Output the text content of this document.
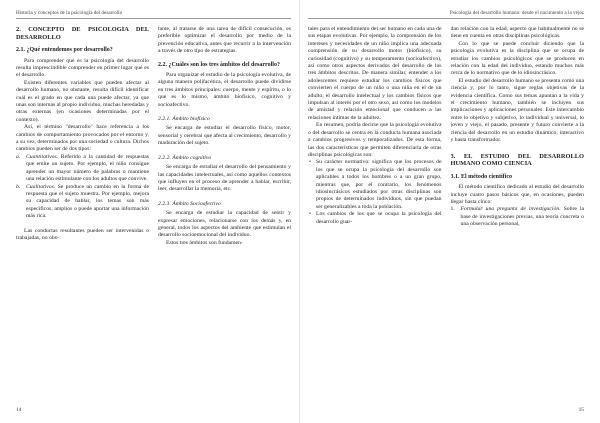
Historia y conceptos de la psicología del desarrollo
2. CONCEPTO DE PSICOLOGÍA DEL DESARROLLO
2.1. ¿Qué entendemos por desarrollo?

Para comprender qué es la psicología del desarrollo resulta imprescindible comprender en primer lugar qué es el desarrollo.

Existen diferentes variables que pueden afectar al desarrollo humano, no obstante, resulta difícil identificar cuál es el grado en que cada una puede afectar, ya que unas son internas al propio individuo, muchas heredadas y otras externas (en ocasiones determinadas por el contexto).

Así, el término "desarrollo" hace referencia a los cambios de comportamiento provocados por el entorno y, a su vez, determinados por una sociedad o cultura. Dichos cambios pueden ser de dos tipos:

a. Cuantitativos. Referido a la cantidad de respuestas que emite un sujeto. Por ejemplo, el niño consigue aprender un mayor número de palabras o mantiene una relación estimulante con los adultos que convive.
b. Cualitativos. Se produce un cambio en la forma de respuesta que el sujeto muestra. Por ejemplo, mejora su capacidad de hablar, los temas son más específicos, amplios o puede aportar una información más rica.

Las conductas resultantes pueden ser intervenidas o trabajadas, no obs-

tante, al tratarse de una tarea de difícil consecución, es preferible optimizar el desarrollo por medio de la prevención educativa, antes que recurrir a la intervención a través de otro tipo de estrategias.

2.2. ¿Cuáles son los tres ámbitos del desarrollo?

Para organizar el estudio de la psicología evolutiva, de alguna manera polifacética, el desarrollo puede dividirse en tres ámbitos principales: cuerpo, mente y espíritu, o lo que es lo mismo, ámbito biofísico, cognitivo y socioafectivo.

2.2.1. Ámbito biofísico

Se encarga de estudiar el desarrollo físico, motor, sensorial y cerebral que afecta al crecimiento, desarrollo y maduración del sujeto.

2.2.2. Ámbito cognitivo

Se encarga de estudiar el desarrollo del pensamiento y las capacidades intelectuales, así como aquellos contextos que influyen en el proceso de aprender a hablar, escribir, leer, desarrollar la memoria, etc.

2.2.3. Ámbito Socioafectivo

Se encarga de estudiar la capacidad de sentir y expresar emociones, relacionarse con los demás y, en general, todos los aspectos del ambiente que estimulan el desarrollo socioemocional del individuo.

Estos tres ámbitos son fundamen-

14
Psicología del desarrollo humano: desde el nacimiento a la vejez

tales para el entendimiento del ser humano en cada una de sus etapas evolutivas. Por ejemplo, la comprensión de los intereses y necesidades de un niño implica una adecuada comprensión de su desarrollo motor (biofísico), su curiosidad (cognitivo) y su temperamento (socioafectivo), así como otros aspectos derivados del desarrollo de los tres ámbitos descritos. De manera similar, entender a los adolescentes requiere estudiar los cambios físicos que convierten el cuerpo de un niño o una niña en el de un adulto; el desarrollo intelectual y los cambios físicos que impulsan al interés por el otro sexo, así como los modelos de amistad y relación emocional que conducen a las relaciones íntimas de la adultez.

En resumen, podría decirse que la psicología evolutiva o del desarrollo se centra en la conducta humana asociada a cambios progresivos y temporalizados. De esta forma, las dos características que permiten diferenciarla de otras disciplinas psicológicas son:

• Su carácter normativo: significa que los procesos de los que se ocupa la psicología del desarrollo son aplicables a todos los hombres o a un gran grupo, mientras que, por el contrario, los fenómenos idiosincrásicos estudiados por otras disciplinas son propios de determinados individuos, sin que puedan ser generalizables a toda la población.
• Los cambios de los que se ocupa la psicología del desarrollo guar-

dan relación con la edad, aspecto que habitualmente no se tiene en cuenta en otras disciplinas psicológicas.

Con lo que se puede concluir diciendo que la psicología evolutiva es la disciplina que se ocupa de estudiar los cambios psicológicos que se producen en relación con la edad del individuo, estando muchos más cerca de lo normativo que de lo idiosincrásico.

El estudio del desarrollo humano se presenta como una ciencia y, por lo tanto, sigue reglas objetivas de la evidencia científica. Como sus temas apuntan a la vida y el crecimiento humano, también se incluyen sus implicaciones y aplicaciones personales. Este intercambio entre lo objetivo y subjetivo, lo individual y universal, lo joven y viejo, el pasado, presente y futuro convierte a la ciencia del desarrollo en un estudio dinámico, interactivo y hasta transformador.

3. EL ESTUDIO DEL DESARROLLO HUMANO COMO CIENCIA
3.1. El método científico

El método científico dedicado al estudio del desarrollo incluye cuatro pasos básicos que, en ocasiones, pueden llegar hasta cinco:

1. Formular una pregunta de investigación. Sobre la base de investigaciones previas, una teoría concreta o una observación personal,
15
